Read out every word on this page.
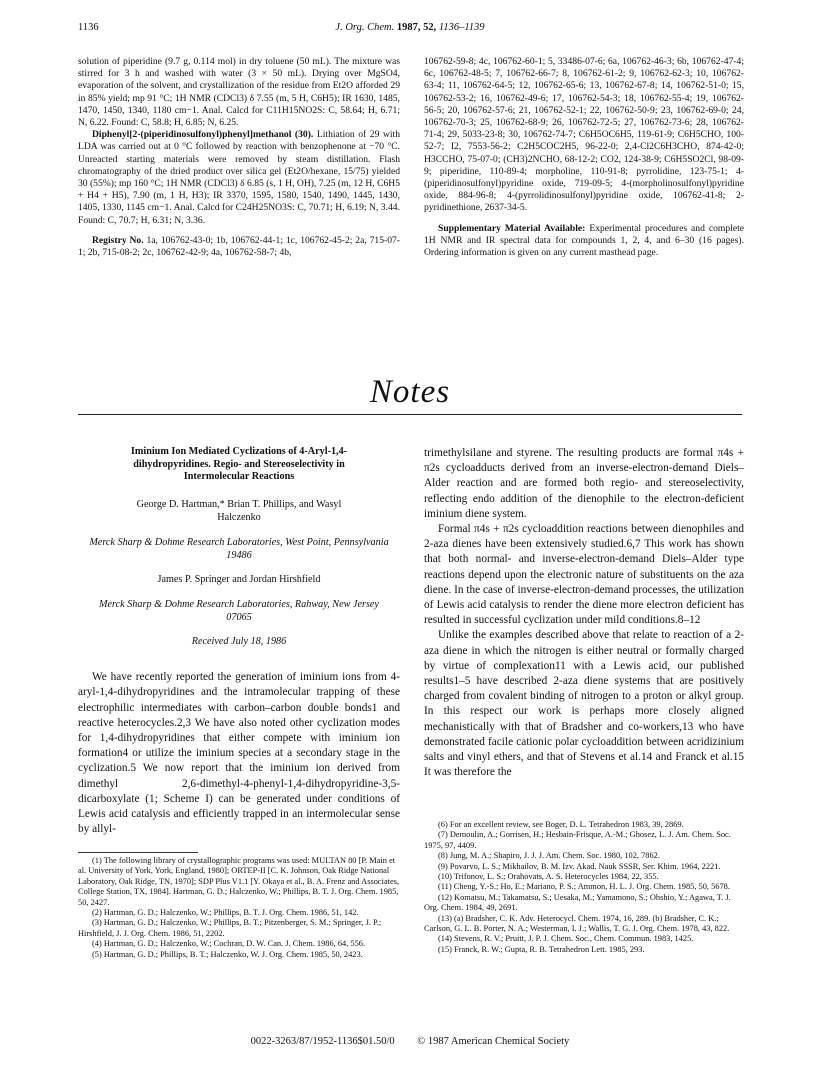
1136	J. Org. Chem. 1987, 52, 1136–1139

solution of piperidine (9.7 g, 0.114 mol) in dry toluene (50 mL). The mixture was stirred for 3 h and washed with water (3 × 50 mL). Drying over MgSO4, evaporation of the solvent, and crystallization of the residue from Et2O afforded 29 in 85% yield; mp 91 °C; 1H NMR (CDCl3) δ 7.55 (m, 5 H, C6H5); IR 1630, 1485, 1470, 1450, 1340, 1180 cm−1. Anal. Calcd for C11H15NO2S: C, 58.64; H, 6.71; N, 6.22. Found: C, 58.8; H, 6.85; N, 6.25.

Diphenyl[2-(piperidinosulfonyl)phenyl]methanol (30). Lithiation of 29 with LDA was carried out at 0 °C followed by reaction with benzophenone at −70 °C. Unreacted starting materials were removed by steam distillation. Flash chromatography of the dried product over silica gel (Et2O/hexane, 15/75) yielded 30 (55%); mp 160 °C; 1H NMR (CDCl3) δ 6.85 (s, 1 H, OH), 7.25 (m, 12 H, C6H5 + H4 + H5), 7.90 (m, 1 H, H3); IR 3370, 1595, 1580, 1540, 1490, 1445, 1430, 1405, 1330, 1145 cm−1. Anal. Calcd for C24H25NO3S: C, 70.71; H, 6.19; N, 3.44. Found: C, 70.7; H, 6.31; N, 3.36.

Registry No. 1a, 106762-43-0; 1b, 106762-44-1; 1c, 106762-45-2; 2a, 715-07-1; 2b, 715-08-2; 2c, 106762-42-9; 4a, 106762-58-7; 4b,

106762-59-8; 4c, 106762-60-1; 5, 33486-07-6; 6a, 106762-46-3; 6b, 106762-47-4; 6c, 106762-48-5; 7, 106762-66-7; 8, 106762-61-2; 9, 106762-62-3; 10, 106762-63-4; 11, 106762-64-5; 12, 106762-65-6; 13, 106762-67-8; 14, 106762-51-0; 15, 106762-53-2; 16, 106762-49-6; 17, 106762-54-3; 18, 106762-55-4; 19, 106762-56-5; 20, 106762-57-6; 21, 106762-52-1; 22, 106762-50-9; 23, 106762-69-0; 24, 106762-70-3; 25, 106762-68-9; 26, 106762-72-5; 27, 106762-73-6; 28, 106762-71-4; 29, 5033-23-8; 30, 106762-74-7; C6H5OC6H5, 119-61-9; C6H5CHO, 100-52-7; I2, 7553-56-2; C2H5COC2H5, 96-22-0; 2,4-Cl2C6H3CHO, 874-42-0; H3CCHO, 75-07-0; (CH3)2NCHO, 68-12-2; CO2, 124-38-9; C6H5SO2Cl, 98-09-9; piperidine, 110-89-4; morpholine, 110-91-8; pyrrolidine, 123-75-1; 4-(piperidinosulfonyl)pyridine oxide, 719-09-5; 4-(morpholinosulfonyl)pyridine oxide, 884-96-8; 4-(pyrrolidinosulfonyl)pyridine oxide, 106762-41-8; 2-pyridinethione, 2637-34-5.

Supplementary Material Available: Experimental procedures and complete 1H NMR and IR spectral data for compounds 1, 2, 4, and 6–30 (16 pages). Ordering information is given on any current masthead page.

Notes

Iminium Ion Mediated Cyclizations of 4-Aryl-1,4-dihydropyridines. Regio- and Stereoselectivity in Intermolecular Reactions

George D. Hartman,* Brian T. Phillips, and Wasyl Halczenko

Merck Sharp & Dohme Research Laboratories, West Point, Pennsylvania 19486

James P. Springer and Jordan Hirshfield

Merck Sharp & Dohme Research Laboratories, Rahway, New Jersey 07065

Received July 18, 1986

We have recently reported the generation of iminium ions from 4-aryl-1,4-dihydropyridines and the intramolecular trapping of these electrophilic intermediates with carbon–carbon double bonds1 and reactive heterocycles.2,3 We have also noted other cyclization modes for 1,4-dihydropyridines that either compete with iminium ion formation4 or utilize the iminium species at a secondary stage in the cyclization.5 We now report that the iminium ion derived from dimethyl 2,6-dimethyl-4-phenyl-1,4-dihydropyridine-3,5-dicarboxylate (1; Scheme I) can be generated under conditions of Lewis acid catalysis and efficiently trapped in an intermolecular sense by allyl-

trimethylsilane and styrene. The resulting products are formal π4s + π2s cycloadducts derived from an inverse-electron-demand Diels–Alder reaction and are formed both regio- and stereoselectivity, reflecting endo addition of the dienophile to the electron-deficient iminium diene system.

Formal π4s + π2s cycloaddition reactions between dienophiles and 2-aza dienes have been extensively studied.6,7 This work has shown that both normal- and inverse-electron-demand Diels–Alder type reactions depend upon the electronic nature of substituents on the aza diene. In the case of inverse-electron-demand processes, the utilization of Lewis acid catalysis to render the diene more electron deficient has resulted in successful cyclization under mild conditions.8–12

Unlike the examples described above that relate to reaction of a 2-aza diene in which the nitrogen is either neutral or formally charged by virtue of complexation11 with a Lewis acid, our published results1–5 have described 2-aza diene systems that are positively charged from covalent binding of nitrogen to a proton or alkyl group. In this respect our work is perhaps more closely aligned mechanistically with that of Bradsher and co-workers,13 who have demonstrated facile cationic polar cycloaddition between acridizinium salts and vinyl ethers, and that of Stevens et al.14 and Franck et al.15 It was therefore the

(1) The following library of crystallographic programs was used: MULTAN 80 [P. Main et al. University of York, York, England, 1980]; ORTEP-II [C. K. Johnson, Oak Ridge National Laboratory, Oak Ridge, TN, 1970]; SDP Plus V1.1 [Y. Okaya et al., B. A. Frenz and Associates, College Station, TX, 1984]. Hartman, G. D.; Halczenko, W.; Phillips, B. T. J. Org. Chem. 1985, 50, 2427.

(2) Hartman, G. D.; Halczenko, W.; Phillips, B. T. J. Org. Chem. 1986, 51, 142.

(3) Hartman, G. D.; Halczenko, W.; Phillips, B. T.; Pitzenberger, S. M.; Springer, J. P.; Hirshfield, J. J. Org. Chem. 1986, 51, 2202.

(4) Hartman, G. D.; Halczenko, W.; Cochran, D. W. Can. J. Chem. 1986, 64, 556.

(5) Hartman, G. D.; Phillips, B. T.; Halczenko, W. J. Org. Chem. 1985, 50, 2423.

(6) For an excellent review, see Boger, D. L. Tetrahedron 1983, 39, 2869.

(7) Demoulin, A.; Gorrisen, H.; Hesbain-Frisque, A.-M.; Ghosez, L. J. Am. Chem. Soc. 1975, 97, 4409.

(8) Jung, M. A.; Shapiro, J. J. J. Am. Chem. Soc. 1980, 102, 7862.

(9) Povarvo, L. S.; Mikhailov, B. M. Izv. Akad. Nauk SSSR, Ser. Khim. 1964, 2221.

(10) Trifonov, L. S.; Orahovats, A. S. Heterocycles 1984, 22, 355.

(11) Cheng, Y.-S.; Ho, E.; Mariano, P. S.; Ammon, H. L. J. Org. Chem. 1985, 50, 5678.

(12) Komatsu, M.; Takamatsu, S.; Uesaka, M.; Yamamono, S.; Ohshio, Y.; Agawa, T. J. Org. Chem. 1984, 49, 2691.

(13) (a) Bradsher, C. K. Adv. Heterocycl. Chem. 1974, 16, 289. (b) Bradsher, C. K.; Carlson, G. L. B. Porter, N. A.; Westerman, I. J.; Wallis, T. G. J. Org. Chem. 1978, 43, 822.

(14) Stevens, R. V.; Pruitt, J. P. J. Chem. Soc., Chem. Commun. 1983, 1425.

(15) Franck, R. W.; Gupta, R. B. Tetrahedron Lett. 1985, 293.

0022-3263/87/1952-1136$01.50/0 © 1987 American Chemical Society
